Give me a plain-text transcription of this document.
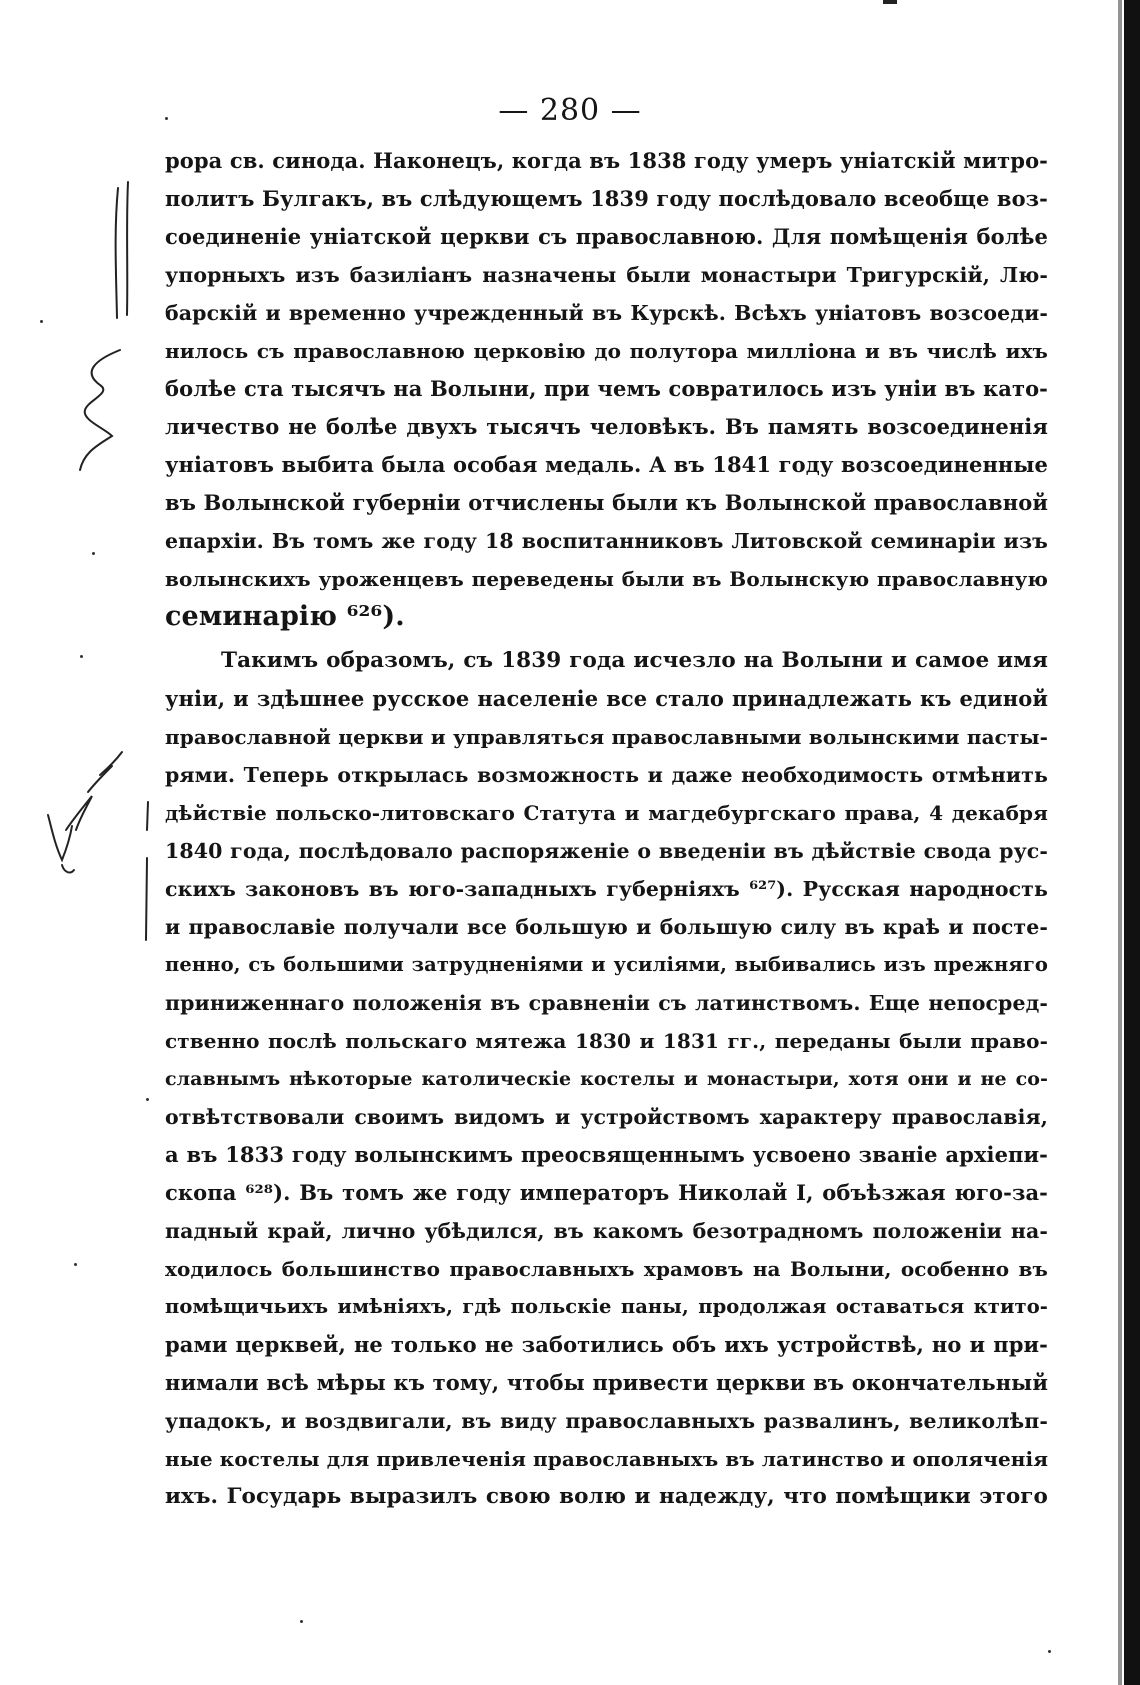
— 280 —
рора св. синода. Наконецъ, когда въ 1838 году умеръ уніатскій митро-
политъ Булгакъ, въ слѣдующемъ 1839 году послѣдовало всеобще воз-
соединеніе уніатской церкви съ православною. Для помѣщенія болѣе
упорныхъ изъ базиліанъ назначены были монастыри Тригурскій, Лю-
барскій и временно учрежденный въ Курскѣ. Всѣхъ уніатовъ возсоеди-
нилось съ православною церковію до полутора милліона и въ числѣ ихъ
болѣе ста тысячъ на Волыни, при чемъ совратилось изъ уніи въ като-
личество не болѣе двухъ тысячъ человѣкъ. Въ память возсоединенія
уніатовъ выбита была особая медаль. А въ 1841 году возсоединенные
въ Волынской губерніи отчислены были къ Волынской православной
епархіи. Въ томъ же году 18 воспитанниковъ Литовской семинаріи изъ
волынскихъ уроженцевъ переведены были въ Волынскую православную
семинарію ⁶²⁶).
Такимъ образомъ, съ 1839 года исчезло на Волыни и самое имя
уніи, и здѣшнее русское населеніе все стало принадлежать къ единой
православной церкви и управляться православными волынскими пасты-
рями. Теперь открылась возможность и даже необходимость отмѣнить
дѣйствіе польско-литовскаго Статута и магдебургскаго права, 4 декабря
1840 года, послѣдовало распоряженіе о введеніи въ дѣйствіе свода рус-
скихъ законовъ въ юго-западныхъ губерніяхъ ⁶²⁷). Русская народность
и православіе получали все большую и большую силу въ краѣ и посте-
пенно, съ большими затрудненіями и усиліями, выбивались изъ прежняго
приниженнаго положенія въ сравненіи съ латинствомъ. Еще непосред-
ственно послѣ польскаго мятежа 1830 и 1831 гг., переданы были право-
славнымъ нѣкоторые католическіе костелы и монастыри, хотя они и не со-
отвѣтствовали своимъ видомъ и устройствомъ характеру православія,
а въ 1833 году волынскимъ преосвященнымъ усвоено званіе архіепи-
скопа ⁶²⁸). Въ томъ же году императоръ Николай I, объѣзжая юго-за-
падный край, лично убѣдился, въ какомъ безотрадномъ положеніи на-
ходилось большинство православныхъ храмовъ на Волыни, особенно въ
помѣщичьихъ имѣніяхъ, гдѣ польскіе паны, продолжая оставаться ктито-
рами церквей, не только не заботились объ ихъ устройствѣ, но и при-
нимали всѣ мѣры къ тому, чтобы привести церкви въ окончательный
упадокъ, и воздвигали, въ виду православныхъ развалинъ, великолѣп-
ные костелы для привлеченія православныхъ въ латинство и ополяченія
ихъ. Государь выразилъ свою волю и надежду, что помѣщики этого
